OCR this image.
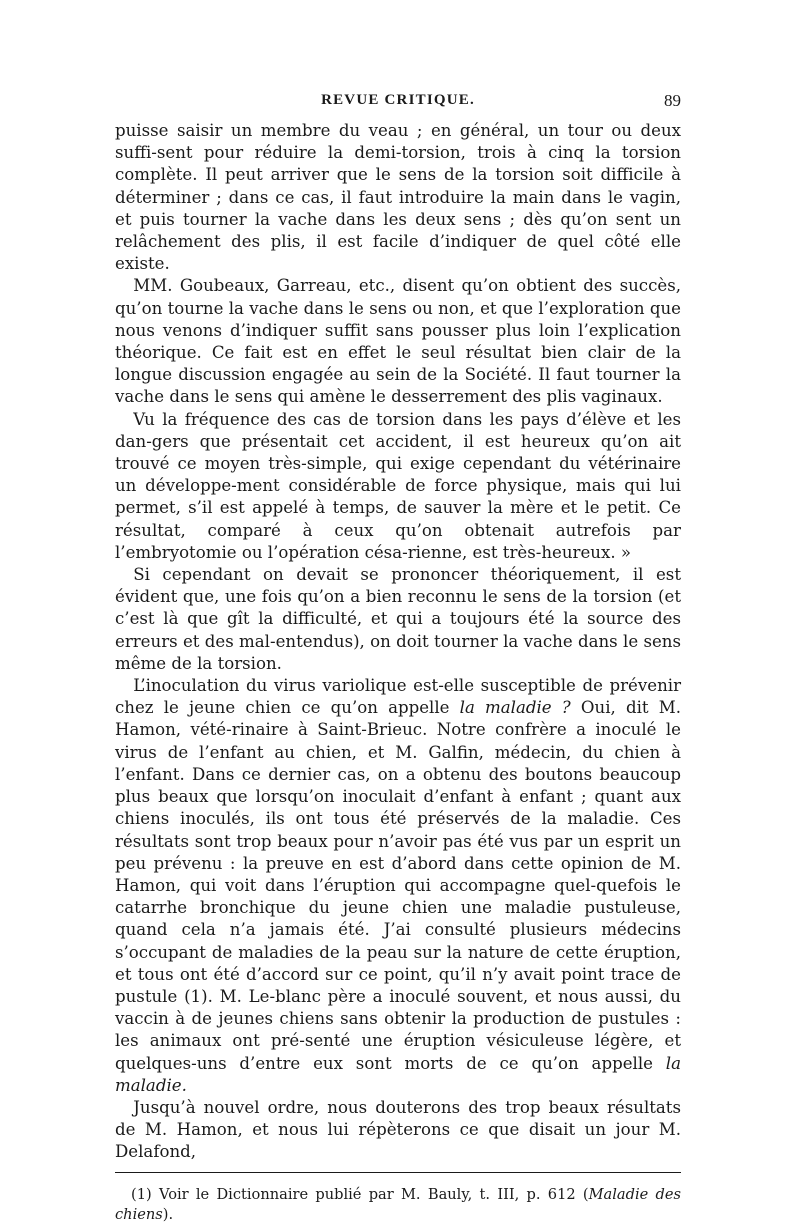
REVUE CRITIQUE.	89

puisse saisir un membre du veau ; en général, un tour ou deux suffi-sent pour réduire la demi-torsion, trois à cinq la torsion complète. Il peut arriver que le sens de la torsion soit difficile à déterminer ; dans ce cas, il faut introduire la main dans le vagin, et puis tourner la vache dans les deux sens ; dès qu’on sent un relâchement des plis, il est facile d’indiquer de quel côté elle existe.

MM. Goubeaux, Garreau, etc., disent qu’on obtient des succès, qu’on tourne la vache dans le sens ou non, et que l’exploration que nous venons d’indiquer suffit sans pousser plus loin l’explication théorique. Ce fait est en effet le seul résultat bien clair de la longue discussion engagée au sein de la Société. Il faut tourner la vache dans le sens qui amène le desserrement des plis vaginaux.

Vu la fréquence des cas de torsion dans les pays d’élève et les dan-gers que présentait cet accident, il est heureux qu’on ait trouvé ce moyen très-simple, qui exige cependant du vétérinaire un développe-ment considérable de force physique, mais qui lui permet, s’il est appelé à temps, de sauver la mère et le petit. Ce résultat, comparé à ceux qu’on obtenait autrefois par l’embryotomie ou l’opération césa-rienne, est très-heureux. »

Si cependant on devait se prononcer théoriquement, il est évident que, une fois qu’on a bien reconnu le sens de la torsion (et c’est là que gît la difficulté, et qui a toujours été la source des erreurs et des mal-entendus), on doit tourner la vache dans le sens même de la torsion.

L’inoculation du virus variolique est-elle susceptible de prévenir chez le jeune chien ce qu’on appelle la maladie ? Oui, dit M. Hamon, vété-rinaire à Saint-Brieuc. Notre confrère a inoculé le virus de l’enfant au chien, et M. Galfin, médecin, du chien à l’enfant. Dans ce dernier cas, on a obtenu des boutons beaucoup plus beaux que lorsqu’on inoculait d’enfant à enfant ; quant aux chiens inoculés, ils ont tous été préservés de la maladie. Ces résultats sont trop beaux pour n’avoir pas été vus par un esprit un peu prévenu : la preuve en est d’abord dans cette opinion de M. Hamon, qui voit dans l’éruption qui accompagne quel-quefois le catarrhe bronchique du jeune chien une maladie pustuleuse, quand cela n’a jamais été. J’ai consulté plusieurs médecins s’occupant de maladies de la peau sur la nature de cette éruption, et tous ont été d’accord sur ce point, qu’il n’y avait point trace de pustule (1). M. Le-blanc père a inoculé souvent, et nous aussi, du vaccin à de jeunes chiens sans obtenir la production de pustules : les animaux ont pré-senté une éruption vésiculeuse légère, et quelques-uns d’entre eux sont morts de ce qu’on appelle la maladie.

Jusqu’à nouvel ordre, nous douterons des trop beaux résultats de M. Hamon, et nous lui répèterons ce que disait un jour M. Delafond,

(1) Voir le Dictionnaire publié par M. Bauly, t. III, p. 612 (Maladie des chiens).
